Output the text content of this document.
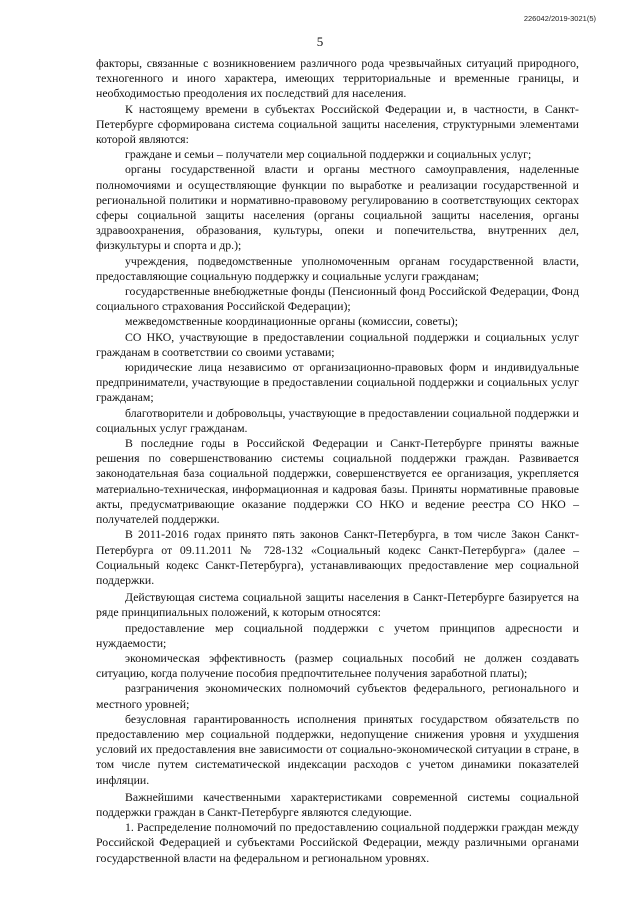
226042/2019-3021(5)
5

факторы, связанные с возникновением различного рода чрезвычайных ситуаций природного, техногенного и иного характера, имеющих территориальные и временные границы, и необходимостью преодоления их последствий для населения.

К настоящему времени в субъектах Российской Федерации и, в частности, в Санкт-Петербурге сформирована система социальной защиты населения, структурными элементами которой являются:

граждане и семьи – получатели мер социальной поддержки и социальных услуг;

органы государственной власти и органы местного самоуправления, наделенные полномочиями и осуществляющие функции по выработке и реализации государственной и региональной политики и нормативно-правовому регулированию в соответствующих секторах сферы социальной защиты населения (органы социальной защиты населения, органы здравоохранения, образования, культуры, опеки и попечительства, внутренних дел, физкультуры и спорта и др.);

учреждения, подведомственные уполномоченным органам государственной власти, предоставляющие социальную поддержку и социальные услуги гражданам;

государственные внебюджетные фонды (Пенсионный фонд Российской Федерации, Фонд социального страхования Российской Федерации);

межведомственные координационные органы (комиссии, советы);

СО НКО, участвующие в предоставлении социальной поддержки и социальных услуг гражданам в соответствии со своими уставами;

юридические лица независимо от организационно-правовых форм и индивидуальные предприниматели, участвующие в предоставлении социальной поддержки и социальных услуг гражданам;

благотворители и добровольцы, участвующие в предоставлении социальной поддержки и социальных услуг гражданам.

В последние годы в Российской Федерации и Санкт-Петербурге приняты важные решения по совершенствованию системы социальной поддержки граждан. Развивается законодательная база социальной поддержки, совершенствуется ее организация, укрепляется материально-техническая, информационная и кадровая базы. Приняты нормативные правовые акты, предусматривающие оказание поддержки СО НКО и ведение реестра СО НКО – получателей поддержки.

В 2011-2016 годах принято пять законов Санкт-Петербурга, в том числе Закон Санкт-Петербурга от 09.11.2011 № 728-132 «Социальный кодекс Санкт-Петербурга» (далее – Социальный кодекс Санкт-Петербурга), устанавливающих предоставление мер социальной поддержки.

Действующая система социальной защиты населения в Санкт-Петербурге базируется на ряде принципиальных положений, к которым относятся:

предоставление мер социальной поддержки с учетом принципов адресности и нуждаемости;

экономическая эффективность (размер социальных пособий не должен создавать ситуацию, когда получение пособия предпочтительнее получения заработной платы);

разграничения экономических полномочий субъектов федерального, регионального и местного уровней;

безусловная гарантированность исполнения принятых государством обязательств по предоставлению мер социальной поддержки, недопущение снижения уровня и ухудшения условий их предоставления вне зависимости от социально-экономической ситуации в стране, в том числе путем систематической индексации расходов с учетом динамики показателей инфляции.

Важнейшими качественными характеристиками современной системы социальной поддержки граждан в Санкт-Петербурге являются следующие.

1. Распределение полномочий по предоставлению социальной поддержки граждан между Российской Федерацией и субъектами Российской Федерации, между различными органами государственной власти на федеральном и региональном уровнях.
